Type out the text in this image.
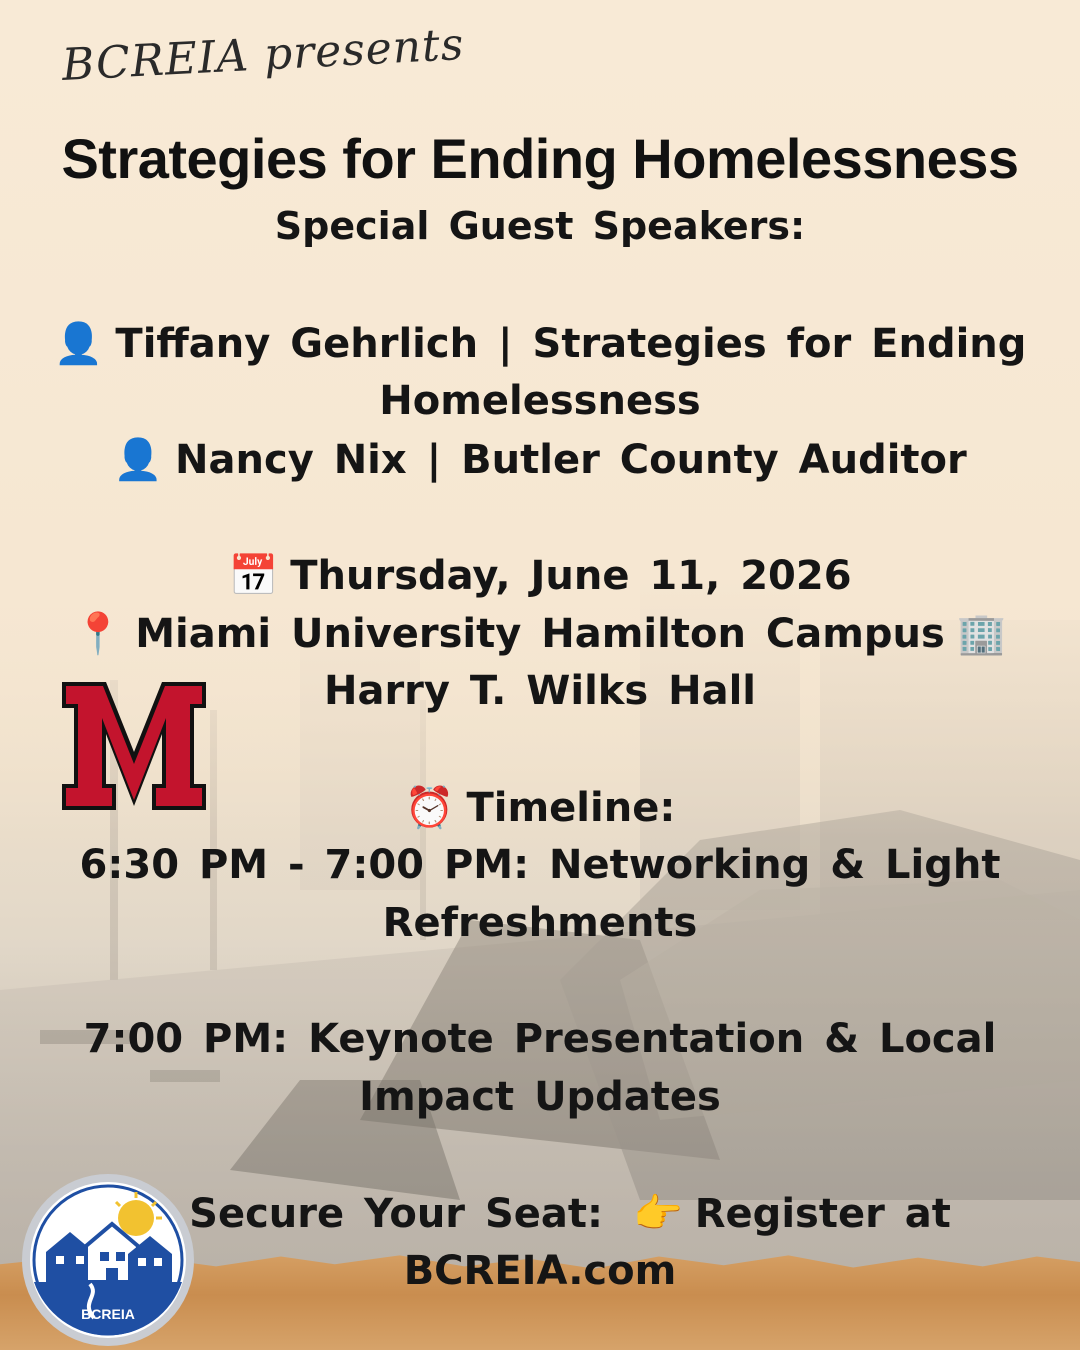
BCREIA presents
Strategies for Ending Homelessness
Special Guest Speakers:
👤 Tiffany Gehrlich | Strategies for Ending
Homelessness
👤 Nancy Nix | Butler County Auditor
📅 Thursday, June 11, 2026
📍 Miami University Hamilton Campus 🏢
Harry T. Wilks Hall
⏰ Timeline:
6:30 PM - 7:00 PM: Networking & Light
Refreshments
7:00 PM: Keynote Presentation & Local
Impact Updates
Secure Your Seat: 👉 Register at
BCREIA.com
BCREIA
